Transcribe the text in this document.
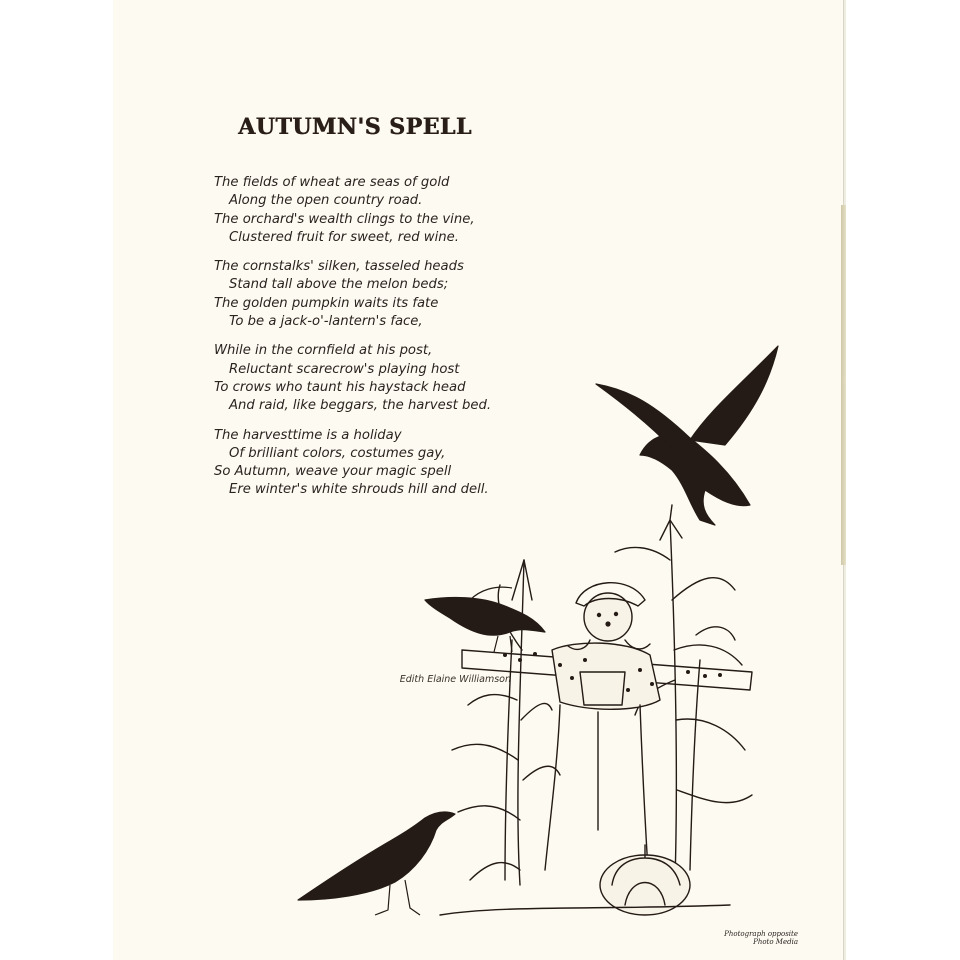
AUTUMN'S SPELL
The fields of wheat are seas of gold
Along the open country road.
The orchard's wealth clings to the vine,
Clustered fruit for sweet, red wine.
The cornstalks' silken, tasseled heads
Stand tall above the melon beds;
The golden pumpkin waits its fate
To be a jack-o'-lantern's face,
While in the cornfield at his post,
Reluctant scarecrow's playing host
To crows who taunt his haystack head
And raid, like beggars, the harvest bed.
The harvesttime is a holiday
Of brilliant colors, costumes gay,
So Autumn, weave your magic spell
Ere winter's white shrouds hill and dell.
Edith Elaine Williamson
Photograph opposite
Photo Media
